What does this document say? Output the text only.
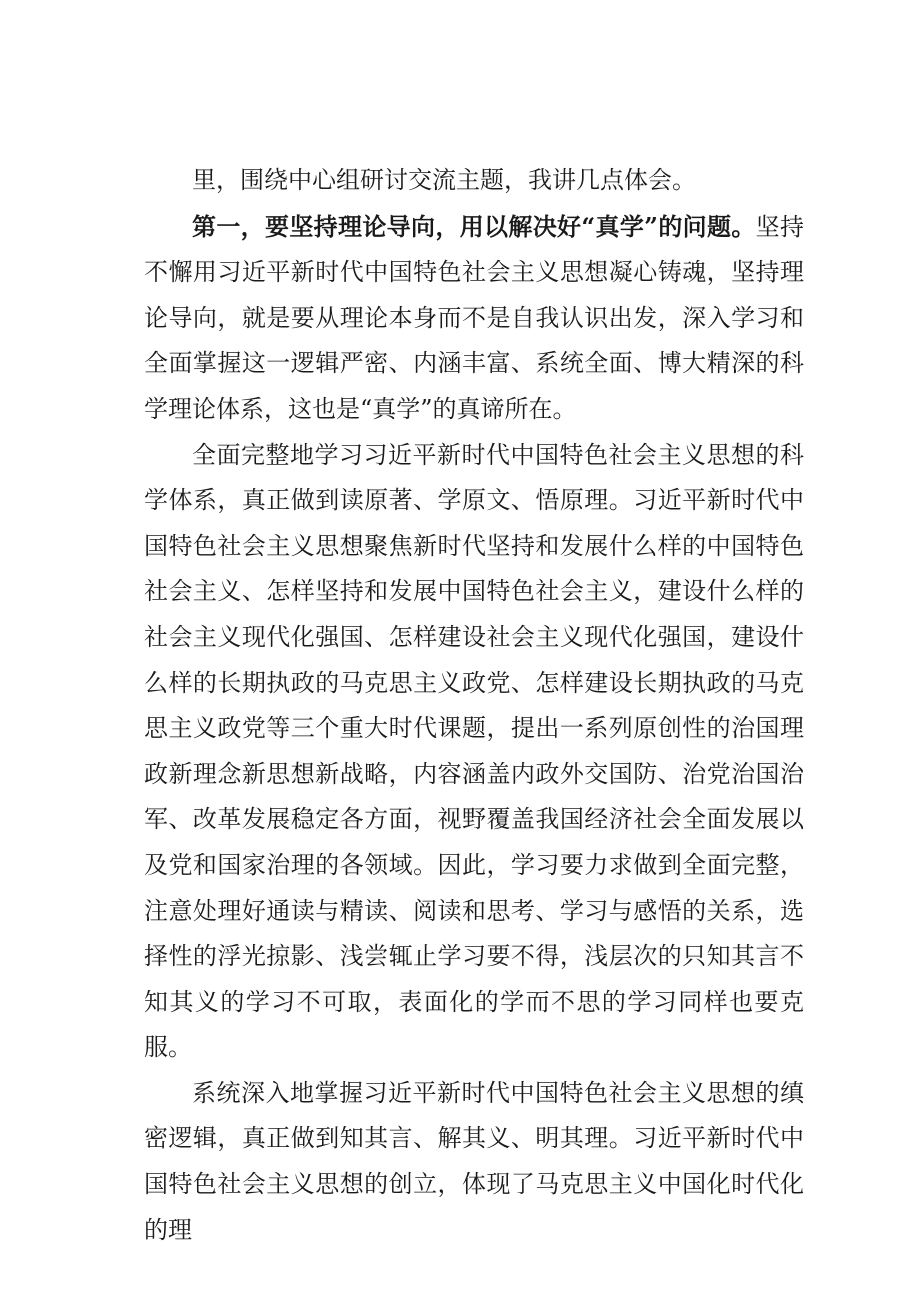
里，围绕中心组研讨交流主题，我讲几点体会。

第一，要坚持理论导向，用以解决好“真学”的问题。坚持不懈用习近平新时代中国特色社会主义思想凝心铸魂，坚持理论导向，就是要从理论本身而不是自我认识出发，深入学习和全面掌握这一逻辑严密、内涵丰富、系统全面、博大精深的科学理论体系，这也是“真学”的真谛所在。

全面完整地学习习近平新时代中国特色社会主义思想的科学体系，真正做到读原著、学原文、悟原理。习近平新时代中国特色社会主义思想聚焦新时代坚持和发展什么样的中国特色社会主义、怎样坚持和发展中国特色社会主义，建设什么样的社会主义现代化强国、怎样建设社会主义现代化强国，建设什么样的长期执政的马克思主义政党、怎样建设长期执政的马克思主义政党等三个重大时代课题，提出一系列原创性的治国理政新理念新思想新战略，内容涵盖内政外交国防、治党治国治军、改革发展稳定各方面，视野覆盖我国经济社会全面发展以及党和国家治理的各领域。因此，学习要力求做到全面完整，注意处理好通读与精读、阅读和思考、学习与感悟的关系，选择性的浮光掠影、浅尝辄止学习要不得，浅层次的只知其言不知其义的学习不可取，表面化的学而不思的学习同样也要克服。

系统深入地掌握习近平新时代中国特色社会主义思想的缜密逻辑，真正做到知其言、解其义、明其理。习近平新时代中国特色社会主义思想的创立，体现了马克思主义中国化时代化的理
